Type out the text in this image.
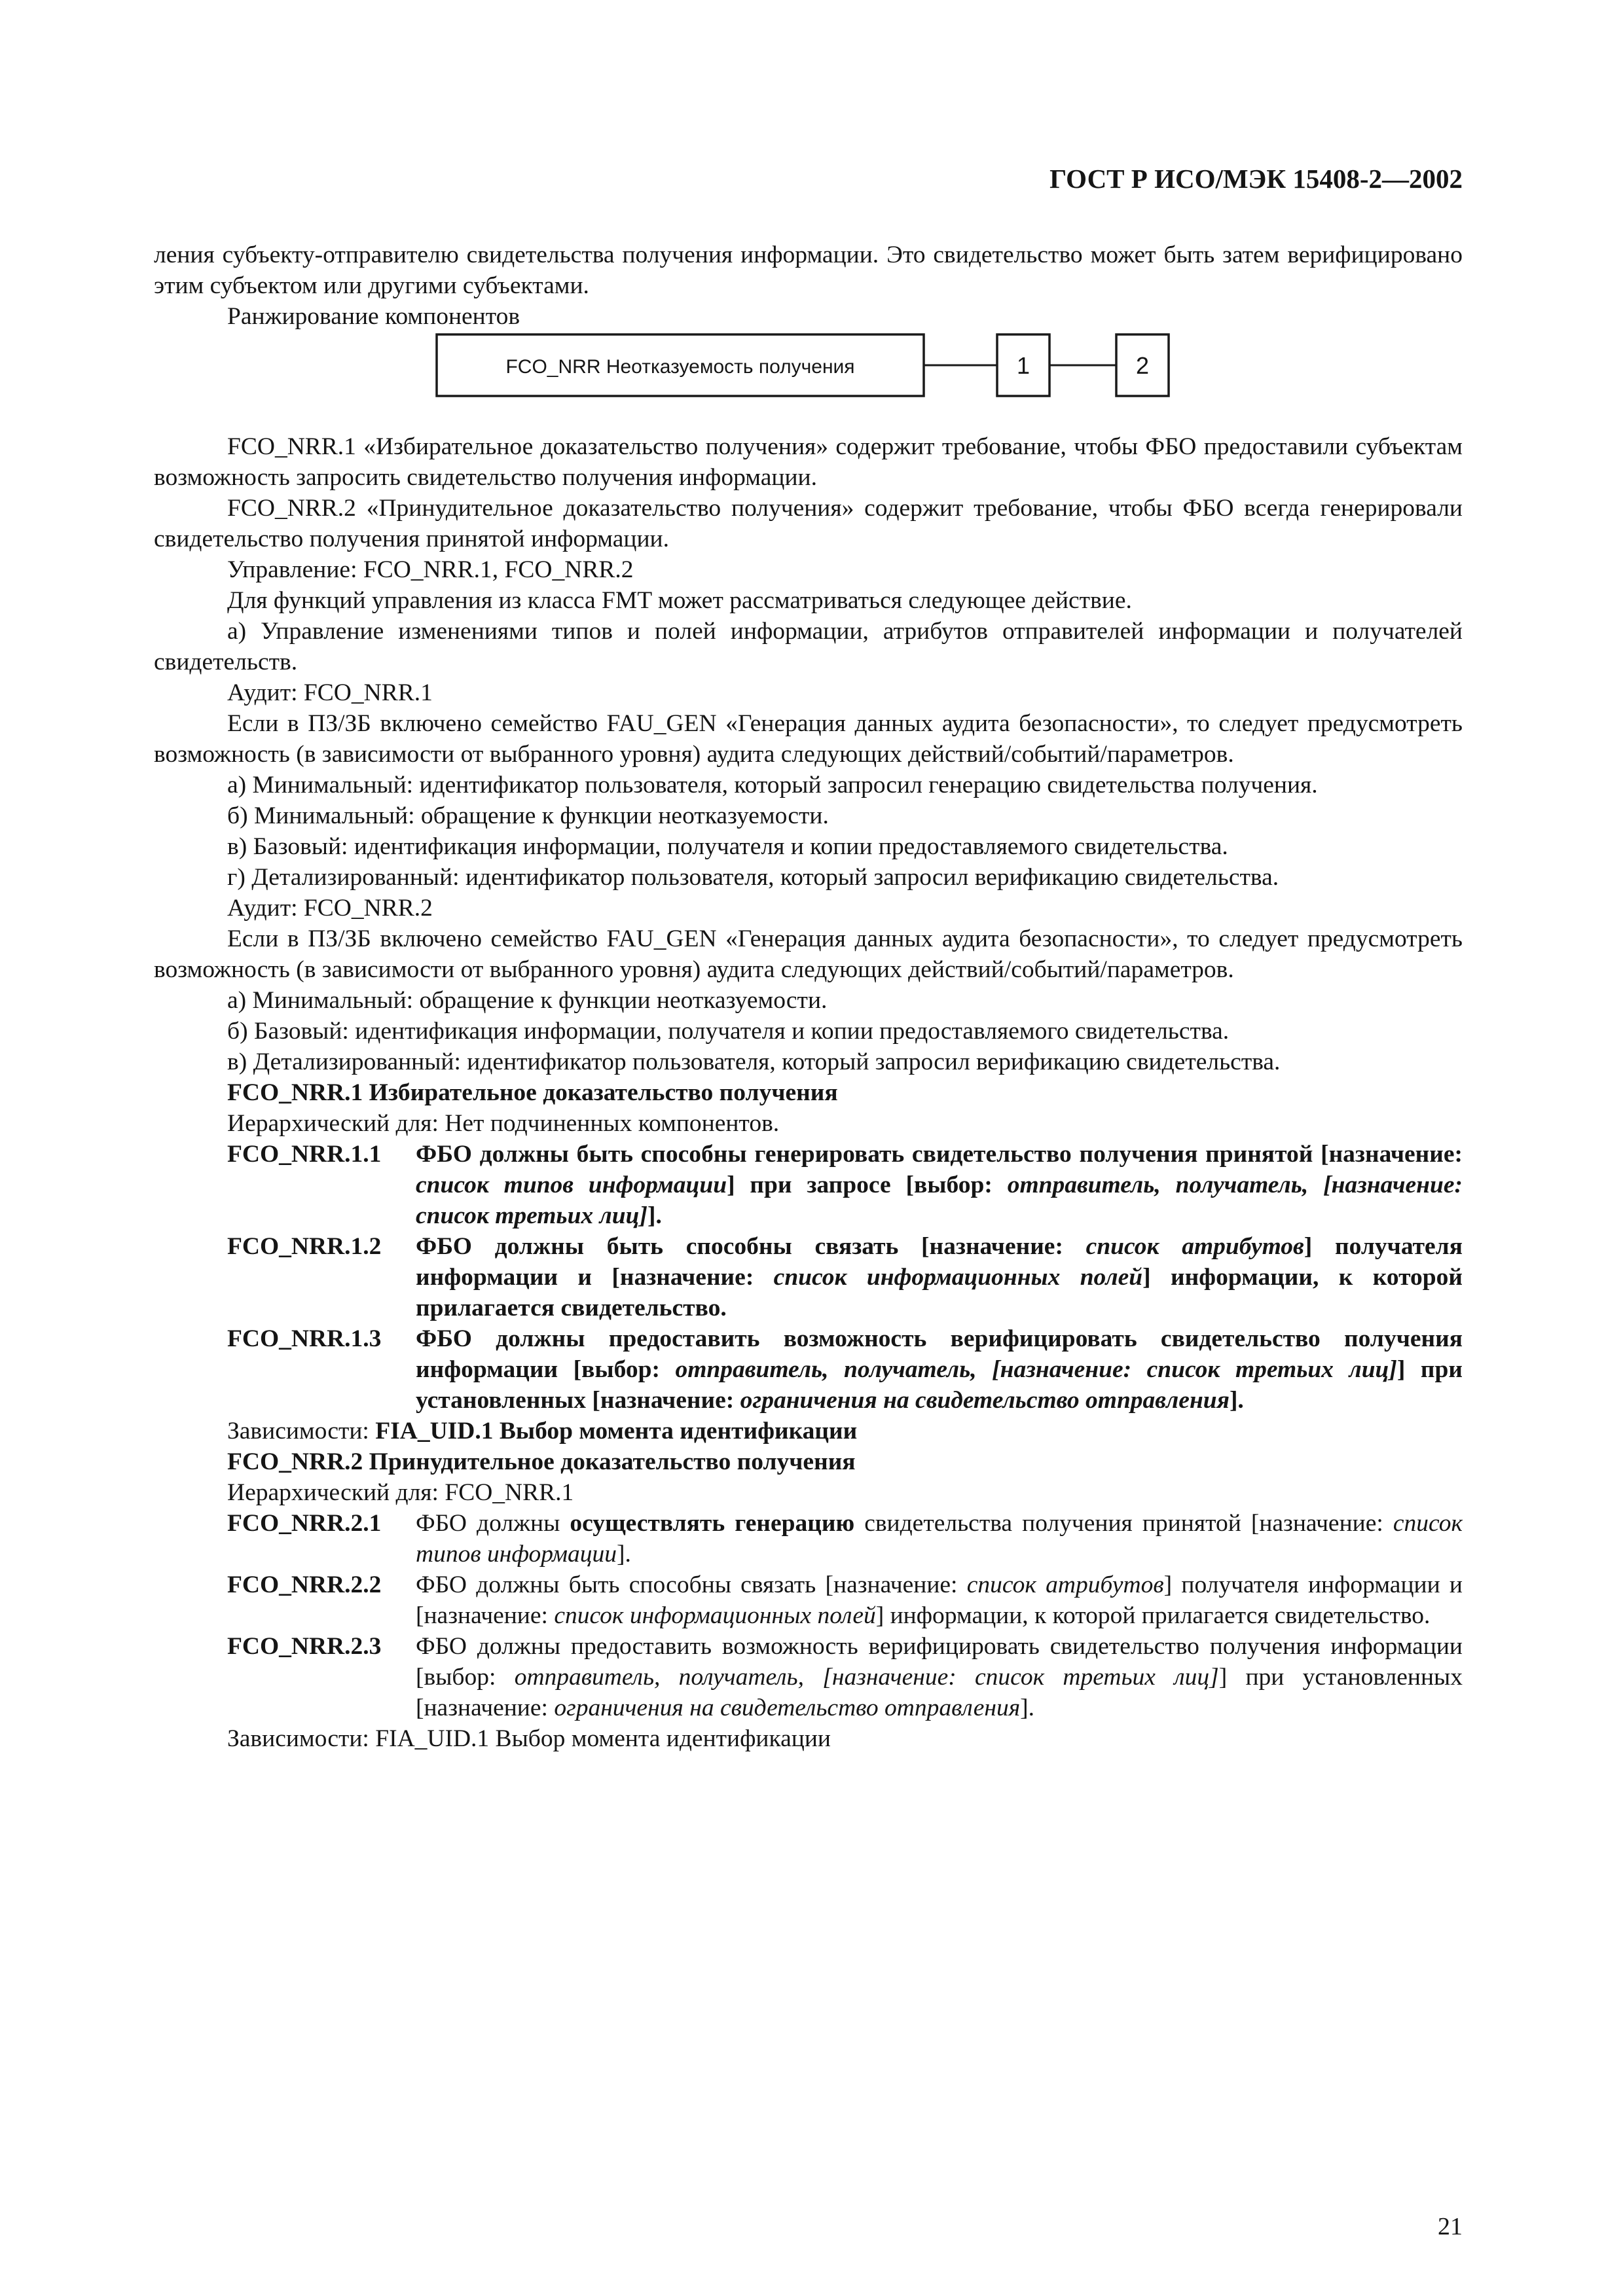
ГОСТ Р ИСО/МЭК 15408-2—2002

ления субъекту-отправителю свидетельства получения информации. Это свидетельство может быть затем верифицировано этим субъектом или другими субъектами.

Ранжирование компонентов

FCO_NRR Неотказуемость получения	1	2

FCO_NRR.1 «Избирательное доказательство получения» содержит требование, чтобы ФБО предоставили субъектам возможность запросить свидетельство получения информации.

FCO_NRR.2 «Принудительное доказательство получения» содержит требование, чтобы ФБО всегда генерировали свидетельство получения принятой информации.

Управление: FCO_NRR.1, FCO_NRR.2

Для функций управления из класса FMT может рассматриваться следующее действие.

а) Управление изменениями типов и полей информации, атрибутов отправителей информации и получателей свидетельств.

Аудит: FCO_NRR.1

Если в ПЗ/ЗБ включено семейство FAU_GEN «Генерация данных аудита безопасности», то следует предусмотреть возможность (в зависимости от выбранного уровня) аудита следующих действий/событий/параметров.

а) Минимальный: идентификатор пользователя, который запросил генерацию свидетельства получения.

б) Минимальный: обращение к функции неотказуемости.

в) Базовый: идентификация информации, получателя и копии предоставляемого свидетельства.

г) Детализированный: идентификатор пользователя, который запросил верификацию свидетельства.

Аудит: FCO_NRR.2

Если в ПЗ/ЗБ включено семейство FAU_GEN «Генерация данных аудита безопасности», то следует предусмотреть возможность (в зависимости от выбранного уровня) аудита следующих действий/событий/параметров.

а) Минимальный: обращение к функции неотказуемости.

б) Базовый: идентификация информации, получателя и копии предоставляемого свидетельства.

в) Детализированный: идентификатор пользователя, который запросил верификацию свидетельства.

FCO_NRR.1 Избирательное доказательство получения

Иерархический для: Нет подчиненных компонентов.

FCO_NRR.1.1 ФБО должны быть способны генерировать свидетельство получения принятой [назначение: список типов информации] при запросе [выбор: отправитель, получатель, [назначение: список третьих лиц]].

FCO_NRR.1.2 ФБО должны быть способны связать [назначение: список атрибутов] получателя информации и [назначение: список информационных полей] информации, к которой прилагается свидетельство.

FCO_NRR.1.3 ФБО должны предоставить возможность верифицировать свидетельство получения информации [выбор: отправитель, получатель, [назначение: список третьих лиц]] при установленных [назначение: ограничения на свидетельство отправления].

Зависимости: FIA_UID.1 Выбор момента идентификации

FCO_NRR.2 Принудительное доказательство получения

Иерархический для: FCO_NRR.1

FCO_NRR.2.1 ФБО должны осуществлять генерацию свидетельства получения принятой [назначение: список типов информации].

FCO_NRR.2.2 ФБО должны быть способны связать [назначение: список атрибутов] получателя информации и [назначение: список информационных полей] информации, к которой прилагается свидетельство.

FCO_NRR.2.3 ФБО должны предоставить возможность верифицировать свидетельство получения информации [выбор: отправитель, получатель, [назначение: список третьих лиц]] при установленных [назначение: ограничения на свидетельство отправления].

Зависимости: FIA_UID.1 Выбор момента идентификации

21
